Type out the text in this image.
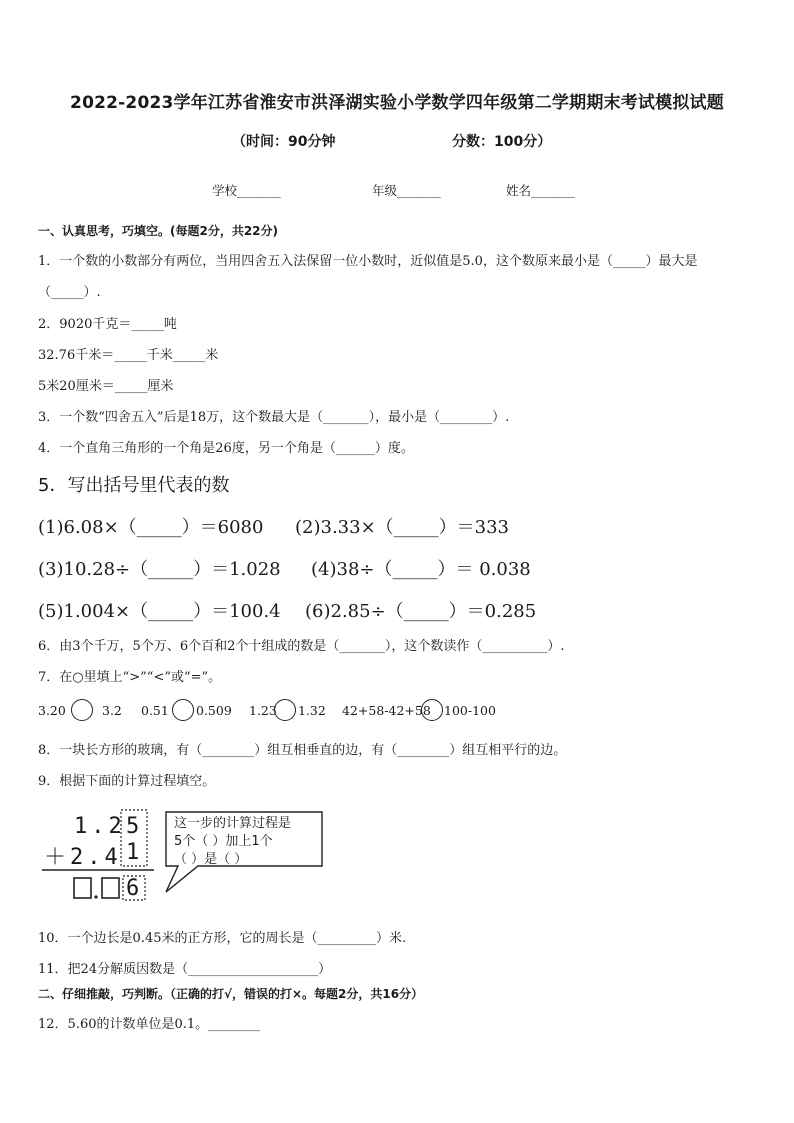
2022-2023学年江苏省淮安市洪泽湖实验小学数学四年级第二学期期末考试模拟试题
（时间：90分钟	分数：100分）
学校_______	年级_______	姓名_______
一、认真思考，巧填空。(每题2分，共22分)
1．一个数的小数部分有两位，当用四舍五入法保留一位小数时，近似值是5.0，这个数原来最小是（_____）最大是
（_____）.
2．9020千克＝_____吨
32.76千米＝_____千米_____米
5米20厘米＝_____厘米
3．一个数“四舍五入”后是18万，这个数最大是（_______），最小是（________）.
4．一个直角三角形的一个角是26度，另一个角是（______）度。
5．写出括号里代表的数
(1)6.08×（_____）＝6080 (2)3.33×（_____）＝333
(3)10.28÷（_____）＝1.028 (4)38÷（_____）＝ 0.038
(5)1.004×（_____）＝100.4 (6)2.85÷（_____）＝0.285
6．由3个千万，5个万、6个百和2个十组成的数是（_______），这个数读作（__________）.
7．在○里填上“>”“<”或“=”。
3.20	3.2 0.51 0.509 1.23 1.32 42+58-42+58 100-100
8．一块长方形的玻璃，有（________）组互相垂直的边，有（________）组互相平行的边。
9．根据下面的计算过程填空。
1.2 5
＋2.4 1
6
这一步的计算过程是
5个（ ）加上1个
（ ）是（ ）
10．一个边长是0.45米的正方形，它的周长是（_________）米.
11．把24分解质因数是（____________________）
二、仔细推敲，巧判断。（正确的打√，错误的打×。每题2分，共16分）
12．5.60的计数单位是0.1。________
